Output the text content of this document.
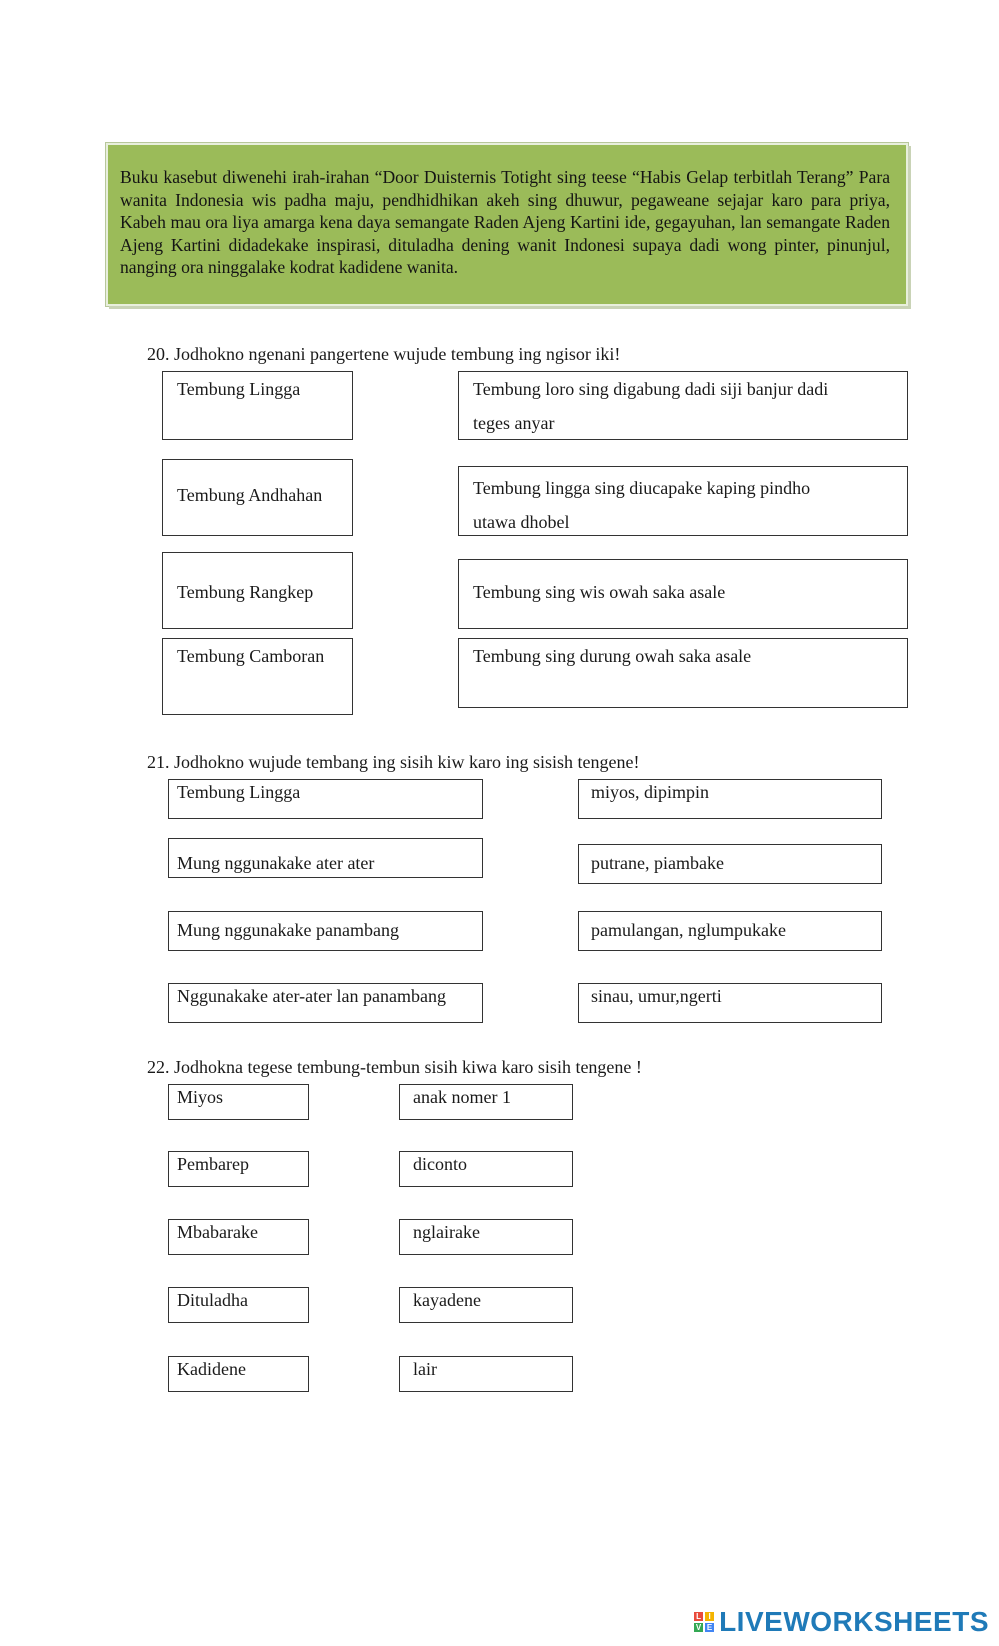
Buku kasebut diwenehi irah-irahan “Door Duisternis Totight sing teese “Habis Gelap terbitlah Terang” Para wanita Indonesia wis padha maju, pendhidhikan akeh sing dhuwur, pegaweane sejajar karo para priya, Kabeh mau ora liya amarga kena daya semangate Raden Ajeng Kartini ide, gegayuhan, lan semangate Raden Ajeng Kartini didadekake inspirasi, dituladha dening wanit Indonesi supaya dadi wong pinter, pinunjul, nanging ora ninggalake kodrat kadidene wanita.
20. Jodhokno ngenani pangertene wujude tembung ing ngisor iki!
Tembung Lingga
Tembung Andhahan
Tembung Rangkep
Tembung Camboran
Tembung loro sing digabung dadi siji banjur dadi
teges anyar
Tembung lingga sing diucapake kaping pindho
utawa dhobel
Tembung sing wis owah saka asale
Tembung sing durung owah saka asale
21. Jodhokno wujude tembang ing sisih kiw karo ing sisish tengene!
Tembung Lingga
Mung nggunakake ater ater
Mung nggunakake panambang
Nggunakake ater-ater lan panambang
miyos, dipimpin
putrane, piambake
pamulangan, nglumpukake
sinau, umur,ngerti
22. Jodhokna tegese tembung-tembun sisih kiwa karo sisih tengene !
Miyos
Pembarep
Mbabarake
Dituladha
Kadidene
anak nomer 1
diconto
nglairake
kayadene
lair
L I
V E LIVEWORKSHEETS
